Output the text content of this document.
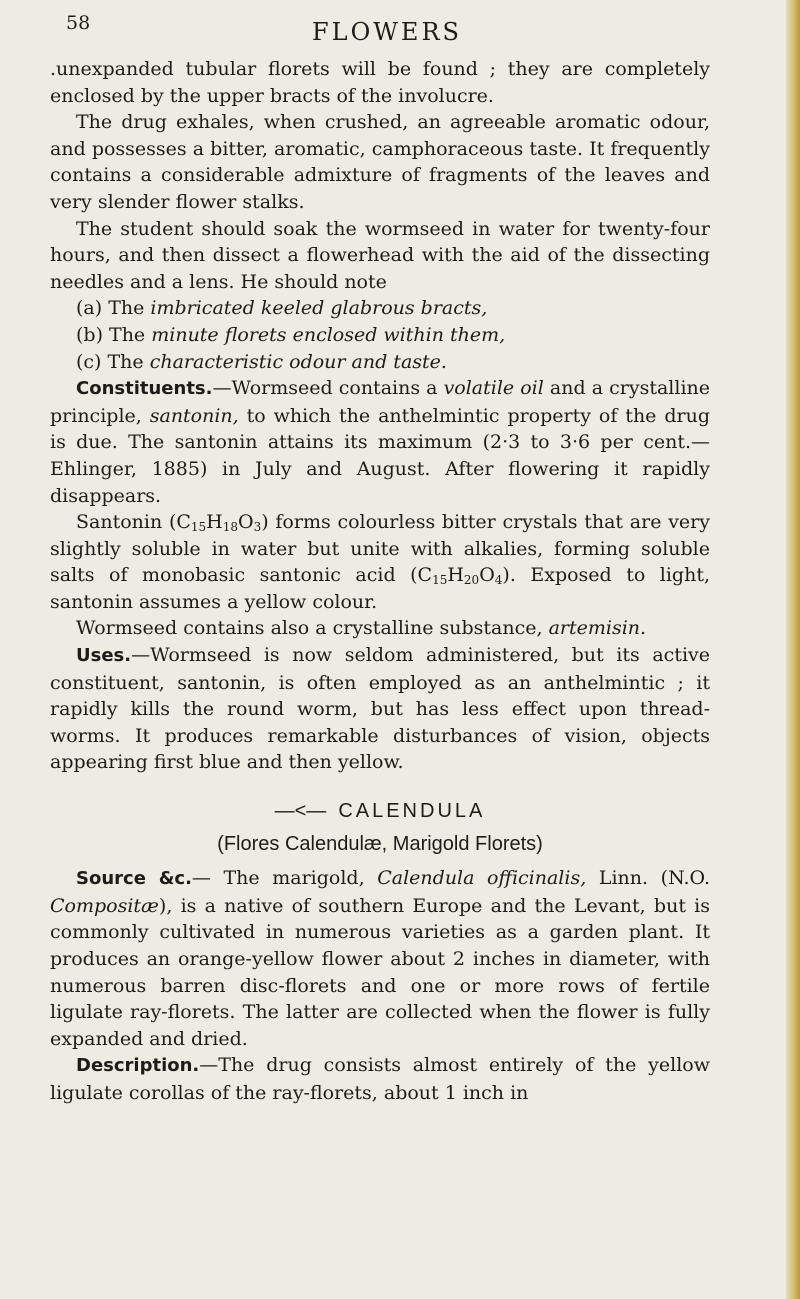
58	FLOWERS

.unexpanded tubular florets will be found ; they are completely enclosed by the upper bracts of the involucre.

The drug exhales, when crushed, an agreeable aromatic odour, and possesses a bitter, aromatic, camphoraceous taste. It frequently contains a considerable admixture of fragments of the leaves and very slender flower stalks.

The student should soak the wormseed in water for twenty-four hours, and then dissect a flowerhead with the aid of the dissecting needles and a lens. He should note

(a) The imbricated keeled glabrous bracts,
(b) The minute florets enclosed within them,
(c) The characteristic odour and taste.

Constituents.—Wormseed contains a volatile oil and a crystalline principle, santonin, to which the anthelmintic property of the drug is due. The santonin attains its maximum (2·3 to 3·6 per cent.—Ehlinger, 1885) in July and August. After flowering it rapidly disappears.

Santonin $(C_{15}H_{18}O_3)$ forms colourless bitter crystals that are very slightly soluble in water but unite with alkalies, forming soluble salts of monobasic santonic acid $(C_{15}H_{20}O_4)$. Exposed to light, santonin assumes a yellow colour.

Wormseed contains also a crystalline substance, artemisin.

Uses.—Wormseed is now seldom administered, but its active constituent, santonin, is often employed as an anthelmintic ; it rapidly kills the round worm, but has less effect upon thread-worms. It produces remarkable disturbances of vision, objects appearing first blue and then yellow.

—<— CALENDULA
(Flores Calendulæ, Marigold Florets)

Source &c.— The marigold, Calendula officinalis, Linn. (N.O. Compositæ), is a native of southern Europe and the Levant, but is commonly cultivated in numerous varieties as a garden plant. It produces an orange-yellow flower about 2 inches in diameter, with numerous barren disc-florets and one or more rows of fertile ligulate ray-florets. The latter are collected when the flower is fully expanded and dried.

Description.—The drug consists almost entirely of the yellow ligulate corollas of the ray-florets, about 1 inch in
